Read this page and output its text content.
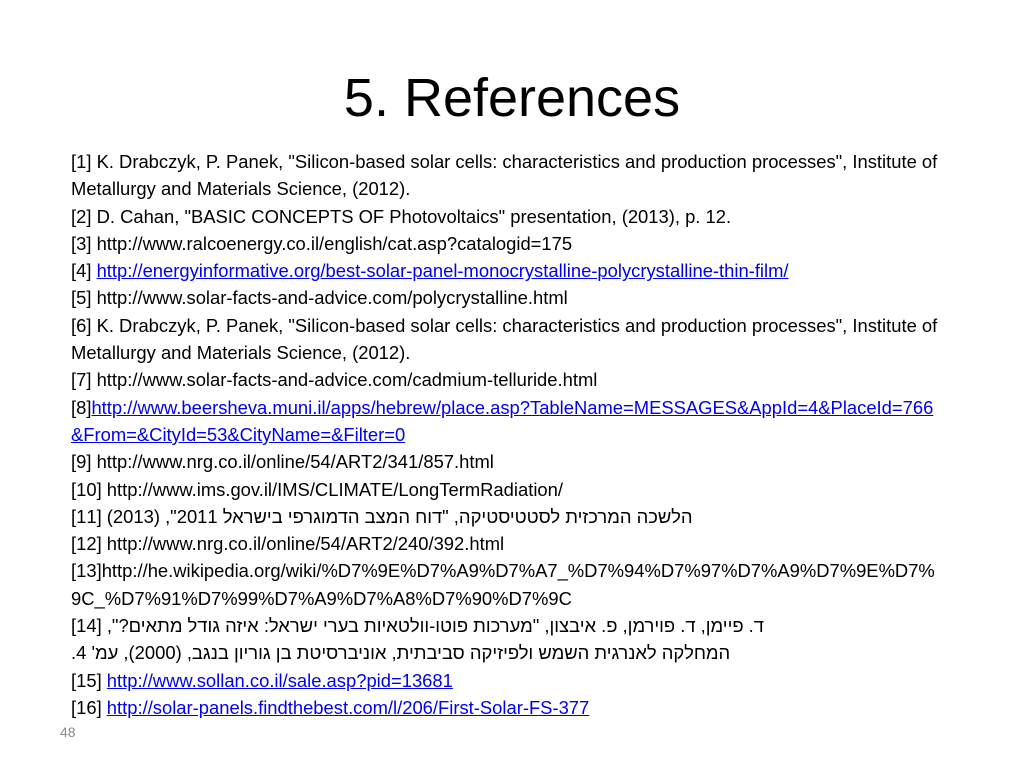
5. References

[1] K. Drabczyk, P. Panek, "Silicon-based solar cells: characteristics and production processes", Institute of Metallurgy and Materials Science, (2012).

[2] D. Cahan, "BASIC CONCEPTS OF Photovoltaics" presentation, (2013), p. 12.

[3] http://www.ralcoenergy.co.il/english/cat.asp?catalogid=175

[4] http://energyinformative.org/best-solar-panel-monocrystalline-polycrystalline-thin-film/

[5] http://www.solar-facts-and-advice.com/polycrystalline.html

[6] K. Drabczyk, P. Panek, "Silicon-based solar cells: characteristics and production processes", Institute of Metallurgy and Materials Science, (2012).

[7] http://www.solar-facts-and-advice.com/cadmium-telluride.html

[8]http://www.beersheva.muni.il/apps/hebrew/place.asp?TableName=MESSAGES&AppId=4&PlaceId=766&From=&CityId=53&CityName=&Filter=0

[9] http://www.nrg.co.il/online/54/ART2/341/857.html

[10] http://www.ims.gov.il/IMS/CLIMATE/LongTermRadiation/

[11] הלשכה המרכזית לסטטיסטיקה, "דוח המצב הדמוגרפי בישראל 2011", (2013)

[12] http://www.nrg.co.il/online/54/ART2/240/392.html

[13]http://he.wikipedia.org/wiki/%D7%9E%D7%A9%D7%A7_%D7%94%D7%97%D7%A9%D7%9E%D7%9C_%D7%91%D7%99%D7%A9%D7%A8%D7%90%D7%9C

[14] ד. פיימן, ד. פוירמן, פ. איבצון, "מערכות פוטו-וולטאיות בערי ישראל: איזה גודל מתאים?",

המחלקה לאנרגית השמש ולפיזיקה סביבתית, אוניברסיטת בן גוריון בנגב, (2000), עמ' 4.

[15] http://www.sollan.co.il/sale.asp?pid=13681

[16] http://solar-panels.findthebest.com/l/206/First-Solar-FS-377

48
